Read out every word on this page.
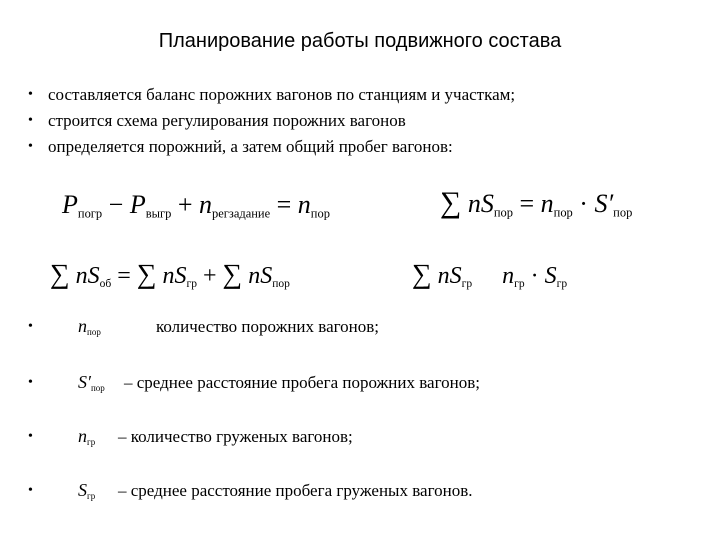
Планирование работы подвижного состава
• составляется баланс порожних вагонов по станциям и участкам;
• строится схема регулирования порожних вагонов
• определяется порожний, а затем общий пробег вагонов:
$P_{погр} - P_{выгр} + n_{регзадание} = n_{пор}$	∑ $nS_{пор} = n_{пор} \cdot S'_{пор}$
∑ $nS_{об}$ = ∑ $nS_{гр}$ + ∑ $nS_{пор}$	∑ $nS_{гр}$ $n_{гр} \cdot S_{гр}$
•	$n_{пор}$	количество порожних вагонов;
•	$S'_{пор}$	– среднее расстояние пробега порожних вагонов;
•	$n_{гр}$	– количество груженых вагонов;
•	$S_{гр}$	– среднее расстояние пробега груженых вагонов.
